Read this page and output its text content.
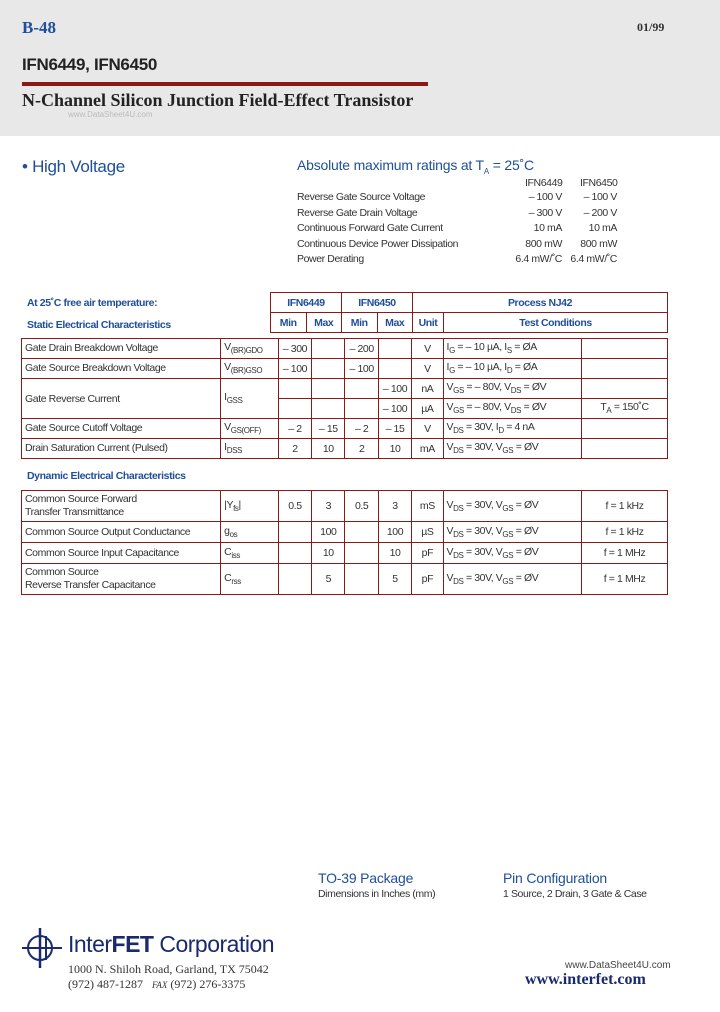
B-48	01/99
IFN6449, IFN6450
N-Channel Silicon Junction Field-Effect Transistor
www.DataSheet4U.com
• High Voltage	Absolute maximum ratings at $T_A$ = 25˚C
IFN6449 IFN6450
Reverse Gate Source Voltage	– 100 V	– 100 V
Reverse Gate Drain Voltage	– 300 V	– 200 V
Continuous Forward Gate Current	10 mA	10 mA
Continuous Device Power Dissipation	800 mW	800 mW
Power Derating	6.4 mW/˚C 6.4 mW/˚C
At 25˚C free air temperature:
Static Electrical Characteristics
IFN6449		IFN6450		Process NJ42	
Min	Max	Min	Max	Unit	Test Conditions
Gate Drain Breakdown Voltage	$V_{(BR)GDO}$	– 300		– 200		V	$I_G$ = – 10 µA, $I_S$ = ØA	
Gate Source Breakdown Voltage	$V_{(BR)GSO}$	– 100		– 100		V	$I_G$ = – 10 µA, $I_D$ = ØA	
Gate Reverse Current	$I_{GSS}$				– 100	nA	$V_{GS}$ = – 80V, $V_{DS}$ = ØV	
					– 100	µA	$V_{GS}$ = – 80V, $V_{DS}$ = ØV	$T_A$ = 150˚C
Gate Source Cutoff Voltage	$V_{GS(OFF)}$	– 2	– 15	– 2	– 15	V	$V_{DS} = 30V$, $I_D = 4$ nA	
Drain Saturation Current (Pulsed)	$I_{DSS}$	2	10	2	10	mA	$V_{DS} = 30V$, $V_{GS}$ = ØV	
Dynamic Electrical Characteristics
Common Source Forward
Transfer Transmittance	$|Y_{fs}|$	0.5	3	0.5	3	mS	$V_{DS} = 30V$, $V_{GS}$ = ØV	f = 1 kHz
Common Source Output Conductance	$g_{os}$		100		100	µS	$V_{DS} = 30V$, $V_{GS}$ = ØV	f = 1 kHz
Common Source Input Capacitance	$C_{iss}$		10		10	pF	$V_{DS} = 30V$, $V_{GS}$ = ØV	f = 1 MHz
Common Source
Reverse Transfer Capacitance	$C_{rss}$		5		5	pF	$V_{DS} = 30V$, $V_{GS}$ = ØV	f = 1 MHz
TO-39 Package
Dimensions in Inches (mm)
Pin Configuration
1 Source, 2 Drain, 3 Gate & Case
InterFET Corporation
1000 N. Shiloh Road, Garland, TX 75042
(972) 487-1287 FAX (972) 276-3375
www.DataSheet4U.com
www.interfet.com
